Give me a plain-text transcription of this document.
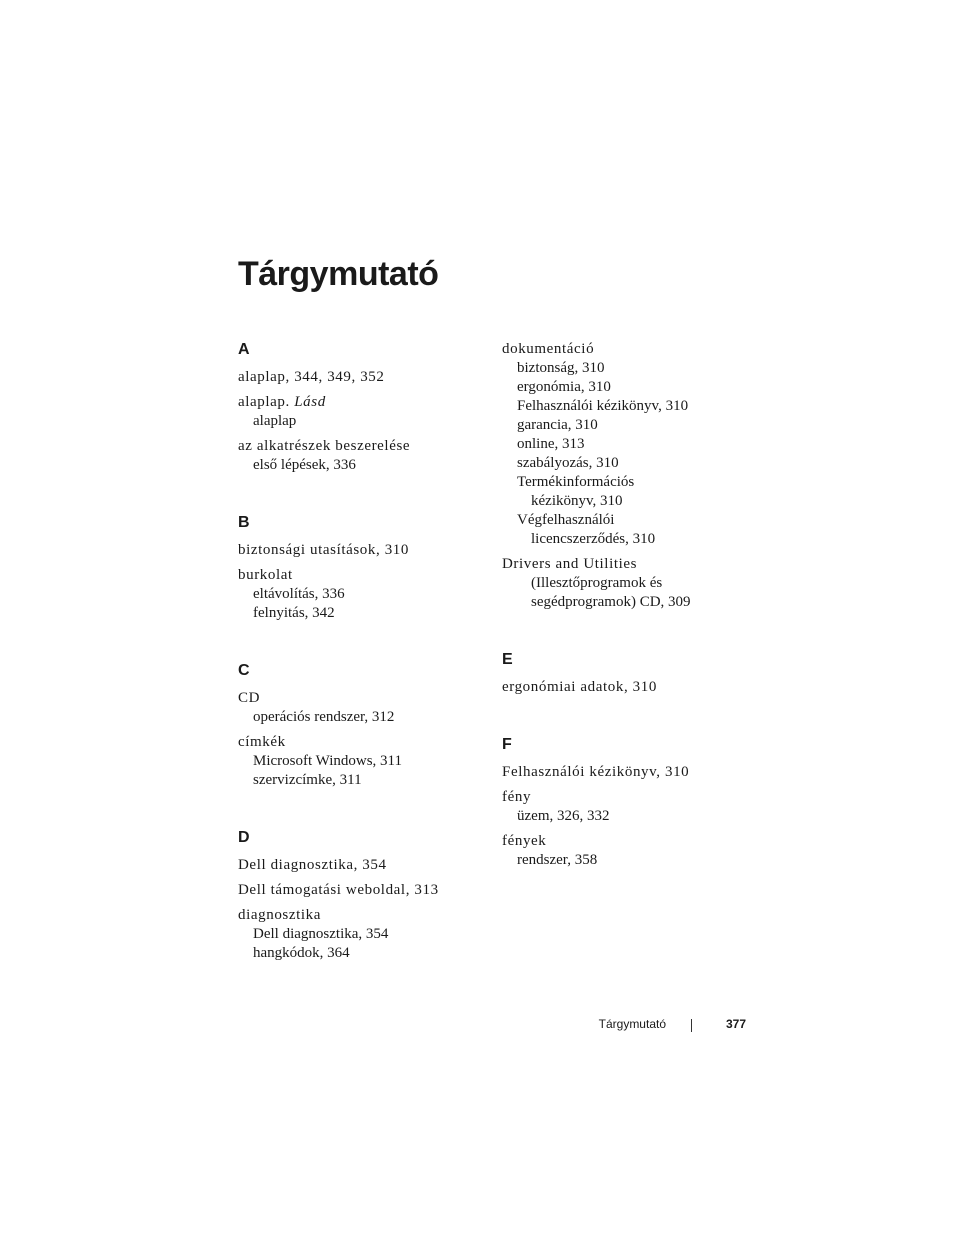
Tárgymutató
A
alaplap, 344, 349, 352
alaplap. Lásd
alaplap
az alkatrészek beszerelése
első lépések, 336
B
biztonsági utasítások, 310
burkolat
eltávolítás, 336
felnyitás, 342
C
CD
operációs rendszer, 312
címkék
Microsoft Windows, 311
szervizcímke, 311
D
Dell diagnosztika, 354
Dell támogatási weboldal, 313
diagnosztika
Dell diagnosztika, 354
hangkódok, 364
dokumentáció
biztonság, 310
ergonómia, 310
Felhasználói kézikönyv, 310
garancia, 310
online, 313
szabályozás, 310
Termékinformációs
kézikönyv, 310
Végfelhasználói
licencszerződés, 310
Drivers and Utilities
(Illesztőprogramok és
segédprogramok) CD, 309
E
ergonómiai adatok, 310
F
Felhasználói kézikönyv, 310
fény
üzem, 326, 332
fények
rendszer, 358
Tárgymutató	377
